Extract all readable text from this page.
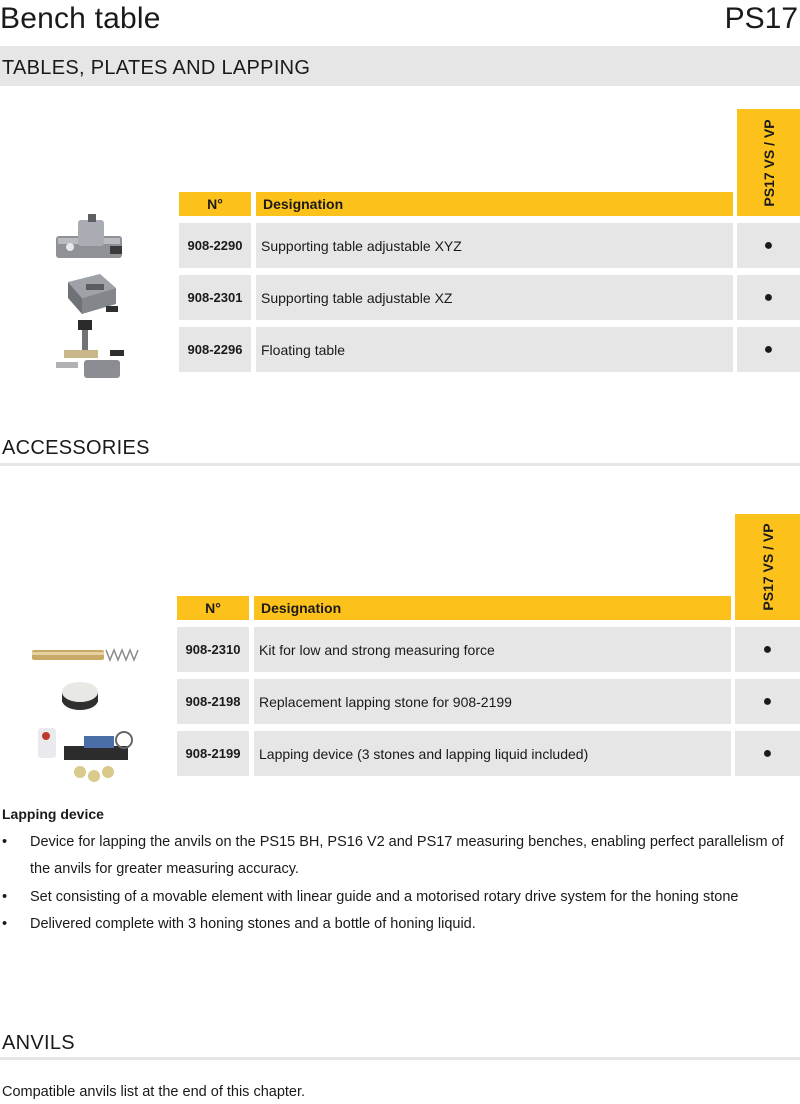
Bench table	PS17
TABLES, PLATES AND LAPPING
PS17 VS / VP
N°	Designation
908-2290	Supporting table adjustable XYZ	●
908-2301	Supporting table adjustable XZ	●
908-2296	Floating table	●
ACCESSORIES
PS17 VS / VP
N°	Designation
908-2310	Kit for low and strong measuring force	●
908-2198	Replacement lapping stone for 908-2199	●
908-2199	Lapping device (3 stones and lapping liquid included)	●
Lapping device
• Device for lapping the anvils on the PS15 BH, PS16 V2 and PS17 measuring benches, enabling perfect parallelism of the anvils for greater measuring accuracy.
• Set consisting of a movable element with linear guide and a motorised rotary drive system for the honing stone
• Delivered complete with 3 honing stones and a bottle of honing liquid.
ANVILS
Compatible anvils list at the end of this chapter.
